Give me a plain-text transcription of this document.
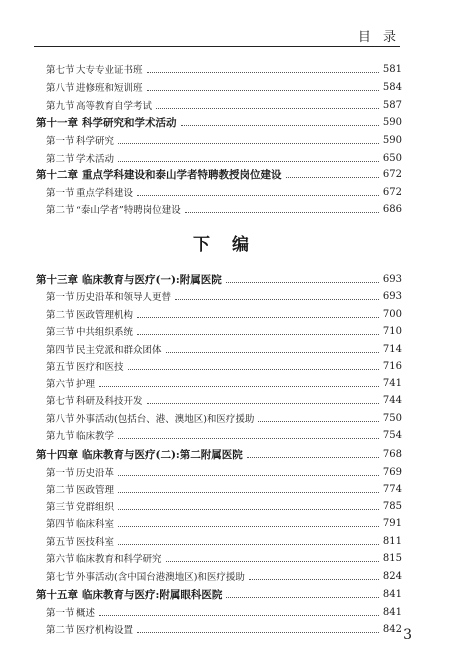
目 录
第七节 大专专业证书班	581
第八节 进修班和短训班	584
第九节 高等教育自学考试	587
第十一章 科学研究和学术活动	590
第一节 科学研究	590
第二节 学术活动	650
第十二章 重点学科建设和泰山学者特聘教授岗位建设	672
第一节 重点学科建设	672
第二节 “泰山学者”特聘岗位建设	686
第十三章 临床教育与医疗(一):附属医院	693
第一节 历史沿革和领导人更替	693
第二节 医政管理机构	700
第三节 中共组织系统	710
第四节 民主党派和群众团体	714
第五节 医疗和医技	716
第六节 护理	741
第七节 科研及科技开发	744
第八节 外事活动(包括台、港、澳地区)和医疗援助	750
第九节 临床教学	754
第十四章 临床教育与医疗(二):第二附属医院	768
第一节 历史沿革	769
第二节 医政管理	774
第三节 党群组织	785
第四节 临床科室	791
第五节 医技科室	811
第六节 临床教育和科学研究	815
第七节 外事活动(含中国台港澳地区)和医疗援助	824
第十五章 临床教育与医疗:附属眼科医院	841
第一节 概述	841
第二节 医疗机构设置	842
下 编
3
